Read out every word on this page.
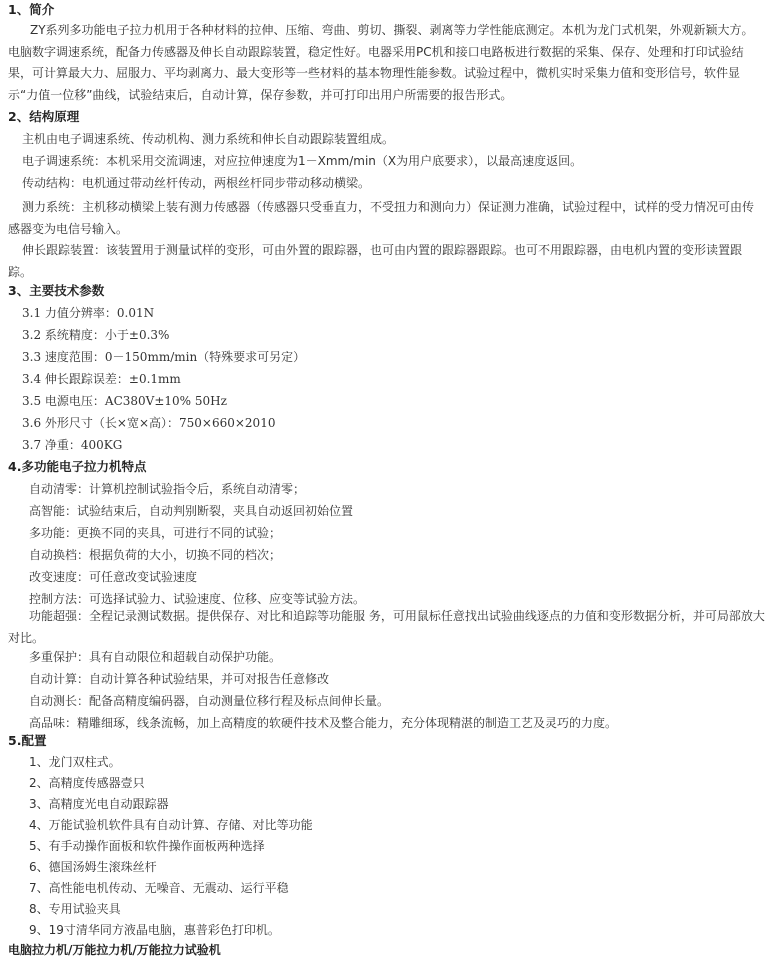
1、简介
ZY系列多功能电子拉力机用于各种材料的拉伸、压缩、弯曲、剪切、撕裂、剥离等力学性能底测定。本机为龙门式机架，外观新颖大方。电脑数字调速系统，配备力传感器及伸长自动跟踪装置，稳定性好。电器采用PC机和接口电路板进行数据的采集、保存、处理和打印试验结果，可计算最大力、屈服力、平均剥离力、最大变形等一些材料的基本物理性能参数。试验过程中，微机实时采集力值和变形信号，软件显示“力值一位移”曲线，试验结束后，自动计算，保存参数，并可打印出用户所需要的报告形式。
2、结构原理
主机由电子调速系统、传动机构、测力系统和伸长自动跟踪装置组成。
电子调速系统：本机采用交流调速，对应拉伸速度为1－Xmm/min（X为用户底要求），以最高速度返回。
传动结构：电机通过带动丝杆传动，两根丝杆同步带动移动横梁。
测力系统：主机移动横梁上装有测力传感器（传感器只受垂直力，不受扭力和测向力）保证测力准确，试验过程中，试样的受力情况可由传感器变为电信号输入。
伸长跟踪装置：该装置用于测量试样的变形，可由外置的跟踪器，也可由内置的跟踪器跟踪。也可不用跟踪器，由电机内置的变形读置跟踪。
3、主要技术参数
3.1 力值分辨率：0.01N
3.2 系统精度：小于±0.3%
3.3 速度范围：0－150mm/min（特殊要求可另定）
3.4 伸长跟踪误差：±0.1mm
3.5 电源电压：AC380V±10% 50Hz
3.6 外形尺寸（长×宽×高）：750×660×2010
3.7 净重：400KG
4.多功能电子拉力机特点
自动清零：计算机控制试验指令后，系统自动清零；
高智能：试验结束后，自动判别断裂，夹具自动返回初始位置
多功能：更换不同的夹具，可进行不同的试验；
自动换档：根据负荷的大小，切换不同的档次；
改变速度：可任意改变试验速度
控制方法：可选择试验力、试验速度、位移、应变等试验方法。
功能超强：全程记录测试数据。提供保存、对比和追踪等功能服 务，可用鼠标任意找出试验曲线逐点的力值和变形数据分析，并可局部放大对比。
多重保护：具有自动限位和超载自动保护功能。
自动计算：自动计算各种试验结果，并可对报告任意修改
自动测长：配备高精度编码器，自动测量位移行程及标点间伸长量。
高品味：精雕细琢，线条流畅，加上高精度的软硬件技术及整合能力，充分体现精湛的制造工艺及灵巧的力度。
5.配置
1、龙门双柱式。
2、高精度传感器壹只
3、高精度光电自动跟踪器
4、万能试验机软件具有自动计算、存储、对比等功能
5、有手动操作面板和软件操作面板两种选择
6、德国汤姆生滚珠丝杆
7、高性能电机传动、无噪音、无震动、运行平稳
8、专用试验夹具
9、19寸清华同方液晶电脑，惠普彩色打印机。
电脑拉力机/万能拉力机/万能拉力试验机
